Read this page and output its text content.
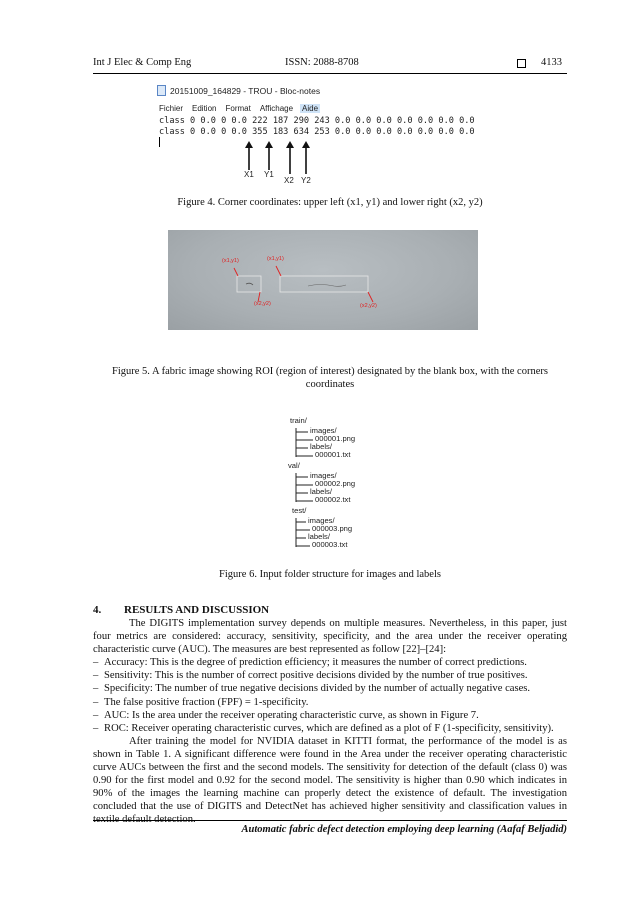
Int J Elec & Comp Eng	ISSN: 2088-8708	4133
20151009_164829 - TROU - Bloc-notes
Fichier Edition Format Affichage Aide
class 0 0.0 0 0.0 222 187 290 243 0.0 0.0 0.0 0.0 0.0 0.0 0.0
class 0 0.0 0 0.0 355 183 634 253 0.0 0.0 0.0 0.0 0.0 0.0 0.0
X1 Y1
X2 Y2
Figure 4. Corner coordinates: upper left (x1, y1) and lower right (x2, y2)
(x1,y1)	(x1,y1)
(x2,y2)	(x2,y2)
Figure 5. A fabric image showing ROI (region of interest) designated by the blank box, with the corners coordinates
train/
images/
000001.png
labels/
000001.txt
val/
images/
000002.png
labels/
000002.txt
test/
images/
000003.png
labels/
000003.txt
Figure 6. Input folder structure for images and labels
4. RESULTS AND DISCUSSION

The DIGITS implementation survey depends on multiple measures. Nevertheless, in this paper, just four metrics are considered: accuracy, sensitivity, specificity, and the area under the receiver operating characteristic curve (AUC). The measures are best represented as follow [22]–[24]:

– Accuracy: This is the degree of prediction efficiency; it measures the number of correct predictions.
– Sensitivity: This is the number of correct positive decisions divided by the number of true positives.
– Specificity: The number of true negative decisions divided by the number of actually negative cases.
– The false positive fraction (FPF) = 1-specificity.
– AUC: Is the area under the receiver operating characteristic curve, as shown in Figure 7.
– ROC: Receiver operating characteristic curves, which are defined as a plot of F (1-specificity, sensitivity).

After training the model for NVIDIA dataset in KITTI format, the performance of the model is as shown in Table 1. A significant difference were found in the Area under the receiver operating characteristic curve AUCs between the first and the second models. The sensitivity for detection of the default (class 0) was 0.90 for the first model and 0.92 for the second model. The sensitivity is higher than 0.90 which indicates in 90% of the images the learning machine can properly detect the existence of default. The investigation concluded that the use of DIGITS and DetectNet has achieved higher sensitivity and classification values in textile default detection.

Automatic fabric defect detection employing deep learning (Aafaf Beljadid)
